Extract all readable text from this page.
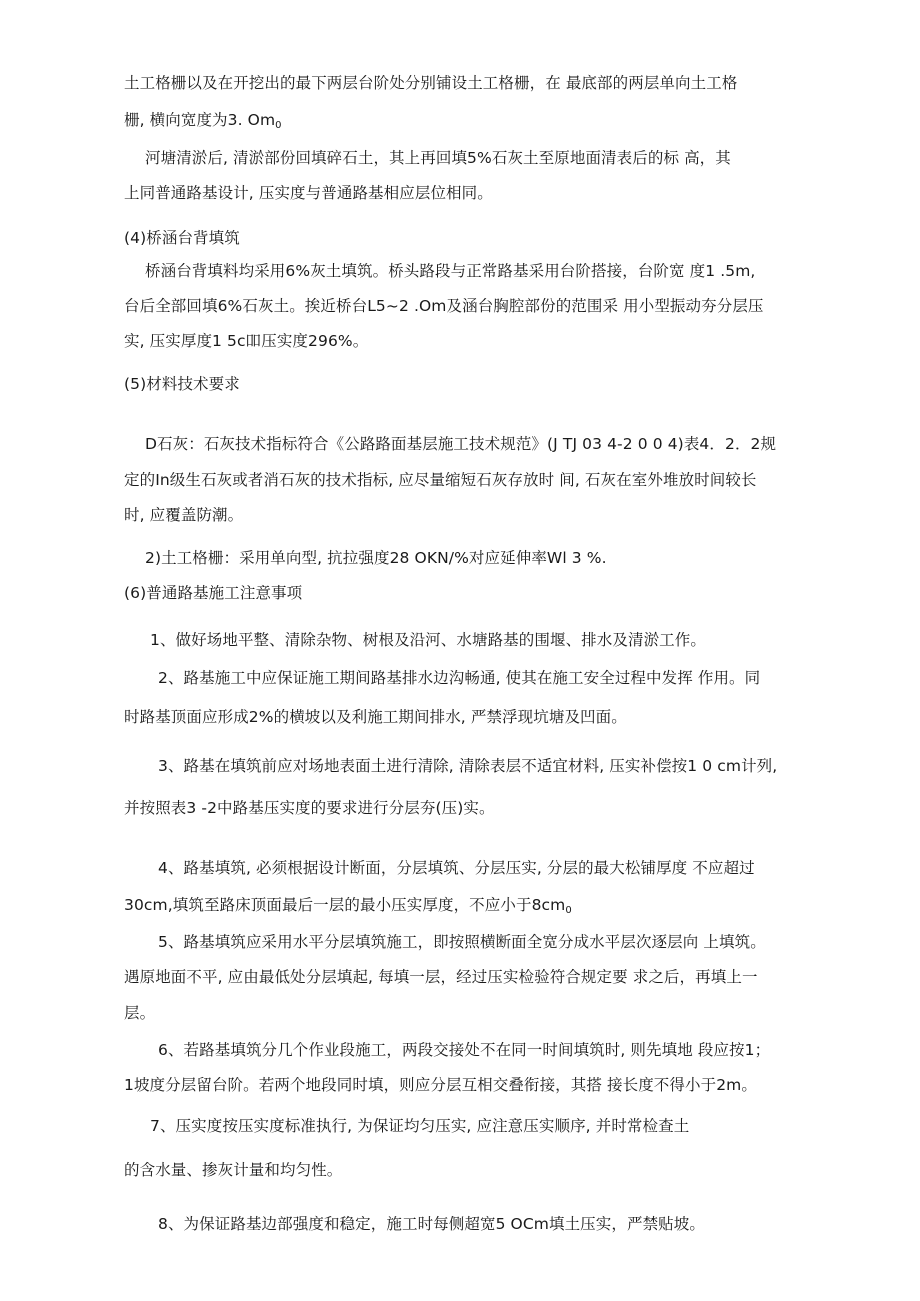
土工格栅以及在开挖出的最下两层台阶处分别铺设土工格栅，在 最底部的两层单向土工格
栅, 横向宽度为3. $Om_0$
河塘清淤后, 清淤部份回填碎石土，其上再回填5%石灰土至原地面清表后的标 高，其
上同普通路基设计, 压实度与普通路基相应层位相同。
(4)桥涵台背填筑
桥涵台背填料均采用6%灰土填筑。桥头路段与正常路基采用台阶搭接，台阶宽 度1 .5m,
台后全部回填6%石灰土。挨近桥台L5~2 .Om及涵台胸腔部份的范围采 用小型振动夯分层压
实, 压实厚度1 5c吅压实度296%。
(5)材料技术要求
D石灰：石灰技术指标符合《公路路面基层施工技术规范》(J TJ 03 4-2 0 0 4)表4．2．2规
定的In级生石灰或者消石灰的技术指标, 应尽量缩短石灰存放时 间, 石灰在室外堆放时间较长
时, 应覆盖防潮。
2)土工格栅：采用单向型, 抗拉强度28 OKN/%对应延伸率Wl 3 %.
(6)普通路基施工注意事项
1、做好场地平整、清除杂物、树根及沿河、水塘路基的围堰、排水及清淤工作。
2、路基施工中应保证施工期间路基排水边沟畅通, 使其在施工安全过程中发挥 作用。同
时路基顶面应形成2%的横坡以及利施工期间排水, 严禁浮现坑塘及凹面。
3、路基在填筑前应对场地表面土进行清除, 清除表层不适宜材料, 压实补偿按1 0 cm计列,
并按照表3 -2中路基压实度的要求进行分层夯(压)实。
4、路基填筑, 必须根据设计断面，分层填筑、分层压实, 分层的最大松铺厚度 不应超过
30cm,填筑至路床顶面最后一层的最小压实厚度，不应小于$8cm_0$
5、路基填筑应采用水平分层填筑施工，即按照横断面全宽分成水平层次逐层向 上填筑。
遇原地面不平, 应由最低处分层填起, 每填一层，经过压实检验符合规定要 求之后，再填上一
层。
6、若路基填筑分几个作业段施工，两段交接处不在同一时间填筑时, 则先填地 段应按1；
1坡度分层留台阶。若两个地段同时填，则应分层互相交叠衔接，其搭 接长度不得小于2m。
7、压实度按压实度标准执行, 为保证均匀压实, 应注意压实顺序, 并时常检查土
的含水量、掺灰计量和均匀性。
8、为保证路基边部强度和稳定，施工时每侧超宽5 OCm填土压实，严禁贴坡。
